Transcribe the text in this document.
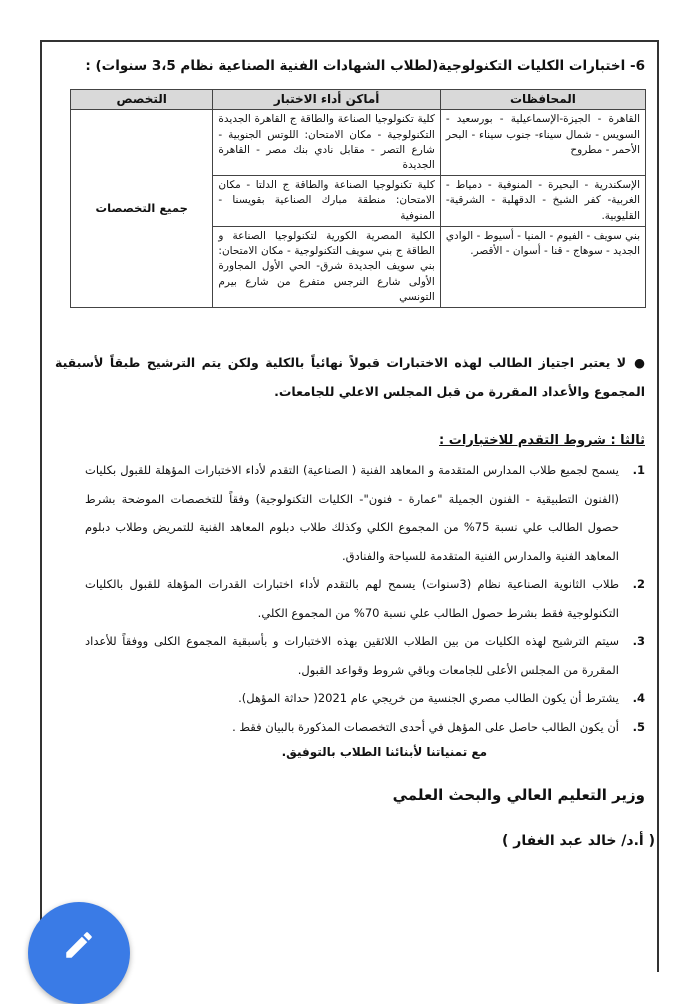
6- اختبارات الكليات التكنولوجية(لطلاب الشهادات الفنية الصناعية نظام 3،5 سنوات) :
المحافظات	أماكن أداء الاختبار	التخصص
القاهرة - الجيزة-الإسماعيلية - بورسعيد - السويس - شمال سيناء- جنوب سيناء - البحر الأحمر - مطروح	كلية تكنولوجيا الصناعة والطاقة ج القاهرة الجديدة التكنولوجية - مكان الامتحان: اللوتس الجنوبية - شارع التصر - مقابل نادي بنك مصر - القاهرة الجديدة	جميع التخصصات
الإسكندرية - البحيرة - المنوفية - دمياط - الغربية- كفر الشيخ - الدقهلية - الشرقية- القليوبية.	كلية تكنولوجيا الصناعة والطاقة ج الدلتا - مكان الامتحان: منطقة مبارك الصناعية بقويسنا - المنوفية	
بني سويف - الفيوم - المنيا - أسيوط - الوادي الجديد - سوهاج - قنا - أسوان - الأقصر.	الكلية المصرية الكورية لتكنولوجيا الصناعة و الطاقة ج بني سويف التكنولوجية - مكان الامتحان: بني سويف الجديدة شرق- الحي الأول المجاورة الأولى شارع النرجس متفرع من شارع بيرم التونسي	
●لا يعتبر اجتياز الطالب لهذه الاختبارات قبولاً نهائياً بالكلية ولكن يتم الترشيح طبقاً لأسبقية المجموع والأعداد المقررة من قبل المجلس الاعلي للجامعات.
ثالثا : شروط التقدم للاختبارات :
1.
يسمح لجميع طلاب المدارس المتقدمة و المعاهد الفنية ( الصناعية) التقدم لأداء الاختبارات المؤهلة للقبول بكليات (الفنون التطبيقية - الفنون الجميلة "عمارة - فنون"- الكليات التكنولوجية) وفقاً للتخصصات الموضحة بشرط حصول الطالب علي نسبة 75% من المجموع الكلي وكذلك طلاب دبلوم المعاهد الفنية للتمريض وطلاب دبلوم المعاهد الفنية والمدارس الفنية المتقدمة للسياحة والفنادق.
2.
طلاب الثانوية الصناعية نظام (3سنوات) يسمح لهم بالتقدم لأداء اختبارات القدرات المؤهلة للقبول بالكليات التكنولوجية فقط بشرط حصول الطالب علي نسبة 70% من المجموع الكلي.
3.
سيتم الترشيح لهذه الكليات من بين الطلاب اللائقين بهذه الاختبارات و بأسبقية المجموع الكلى ووفقاً للأعداد المقررة من المجلس الأعلى للجامعات وباقي شروط وقواعد القبول.
4.
يشترط أن يكون الطالب مصري الجنسية من خريجي عام 2021( حداثة المؤهل).
5.
أن يكون الطالب حاصل على المؤهل في أحدى التخصصات المذكورة بالبيان فقط .
مع تمنياتنا لأبنائنا الطلاب بالتوفيق.
وزير التعليم العالي والبحث العلمي
( أ.د/ خالد عبد الغفار )
